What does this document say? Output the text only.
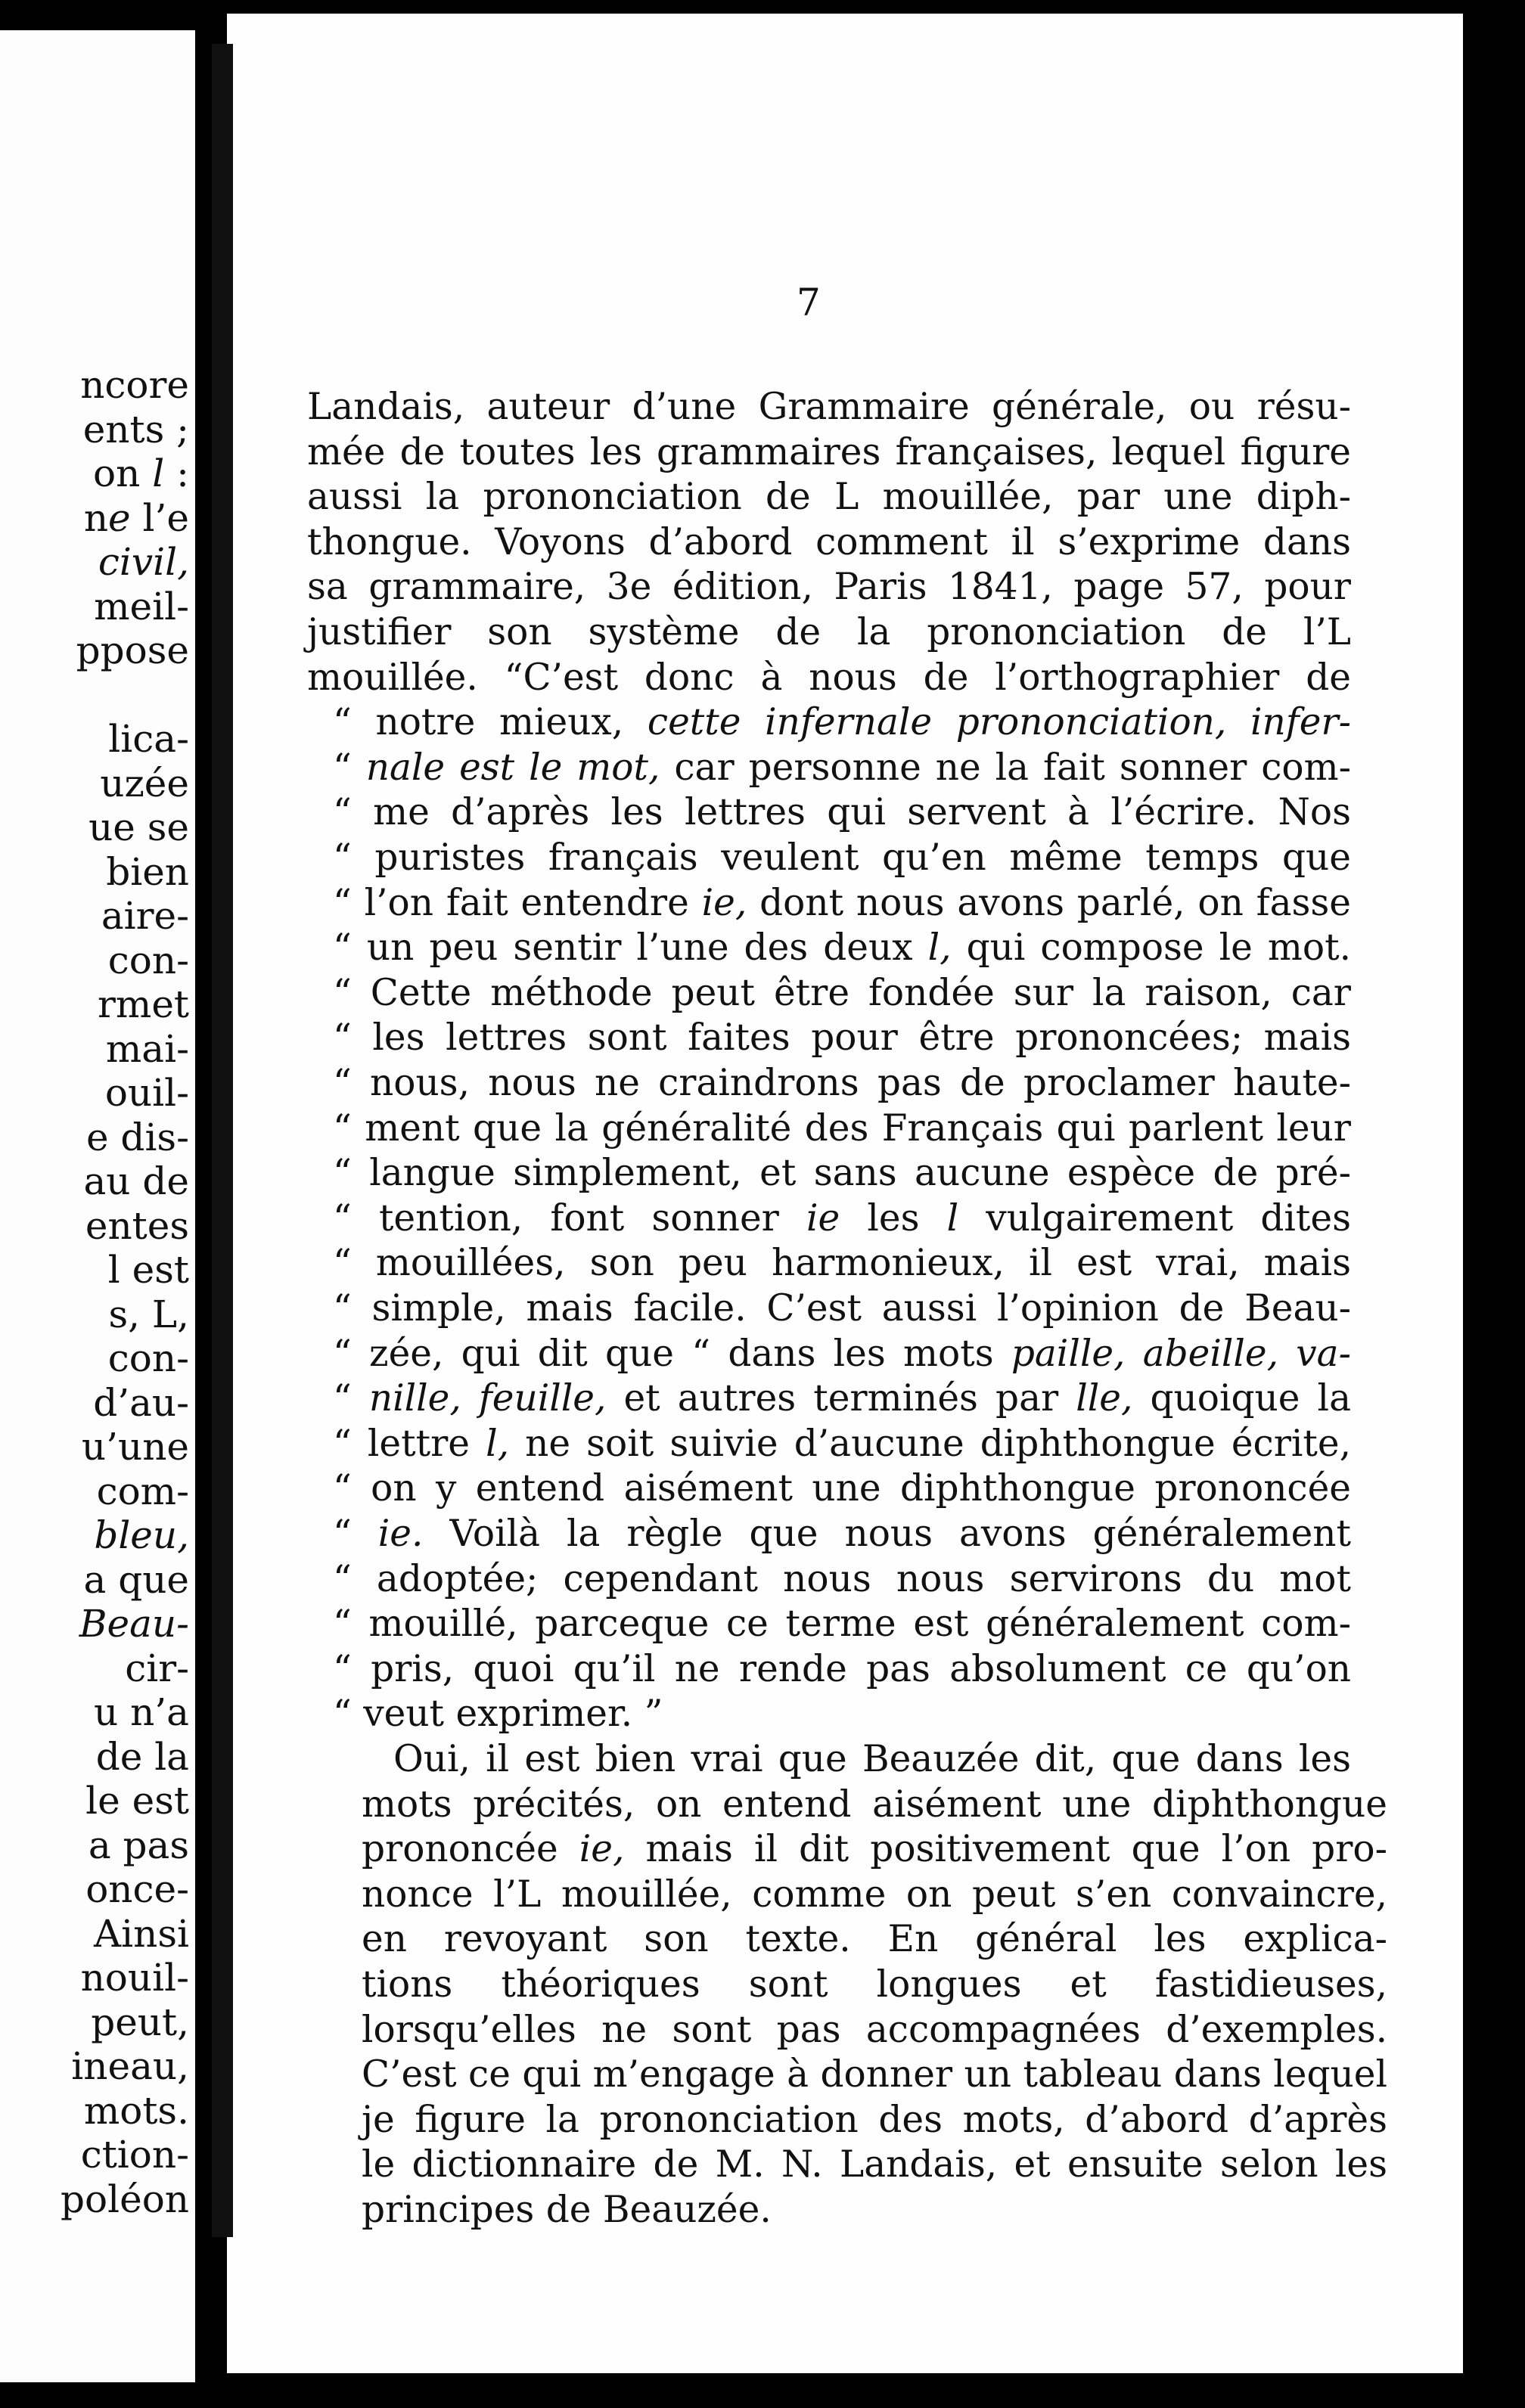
ncore
ents ;
on l :
ne l’e
civil,
meil-
ppose
lica-
uzée
ue se
bien
aire-
con-
rmet
mai-
ouil-
e dis-
au de
entes
l est
s, L,
con-
d’au-
u’une
com-
bleu,
a que
Beau-
cir-
u n’a
de la
le est
a pas
once-
Ainsi
nouil-
peut,
ineau,
mots.
ction-
poléon
7
Landais, auteur d’une Grammaire générale, ou résu-
mée de toutes les grammaires françaises, lequel figure
aussi la prononciation de L mouillée, par une diph-
thongue. Voyons d’abord comment il s’exprime dans
sa grammaire, 3e édition, Paris 1841, page 57, pour
justifier son système de la prononciation de l’L
mouillée. “C’est donc à nous de l’orthographier de
“ notre mieux, cette infernale prononciation, infer-
“ nale est le mot, car personne ne la fait sonner com-
“ me d’après les lettres qui servent à l’écrire. Nos
“ puristes français veulent qu’en même temps que
“ l’on fait entendre ie, dont nous avons parlé, on fasse
“ un peu sentir l’une des deux l, qui compose le mot.
“ Cette méthode peut être fondée sur la raison, car
“ les lettres sont faites pour être prononcées; mais
“ nous, nous ne craindrons pas de proclamer haute-
“ ment que la généralité des Français qui parlent leur
“ langue simplement, et sans aucune espèce de pré-
“ tention, font sonner ie les l vulgairement dites
“ mouillées, son peu harmonieux, il est vrai, mais
“ simple, mais facile. C’est aussi l’opinion de Beau-
“ zée, qui dit que “ dans les mots paille, abeille, va-
“ nille, feuille, et autres terminés par lle, quoique la
“ lettre l, ne soit suivie d’aucune diphthongue écrite,
“ on y entend aisément une diphthongue prononcée
“ ie. Voilà la règle que nous avons généralement
“ adoptée; cependant nous nous servirons du mot
“ mouillé, parceque ce terme est généralement com-
“ pris, quoi qu’il ne rende pas absolument ce qu’on
“ veut exprimer. ”
Oui, il est bien vrai que Beauzée dit, que dans les
mots précités, on entend aisément une diphthongue
prononcée ie, mais il dit positivement que l’on pro-
nonce l’L mouillée, comme on peut s’en convaincre,
en revoyant son texte. En général les explica-
tions théoriques sont longues et fastidieuses,
lorsqu’elles ne sont pas accompagnées d’exemples.
C’est ce qui m’engage à donner un tableau dans lequel
je figure la prononciation des mots, d’abord d’après
le dictionnaire de M. N. Landais, et ensuite selon les
principes de Beauzée.
